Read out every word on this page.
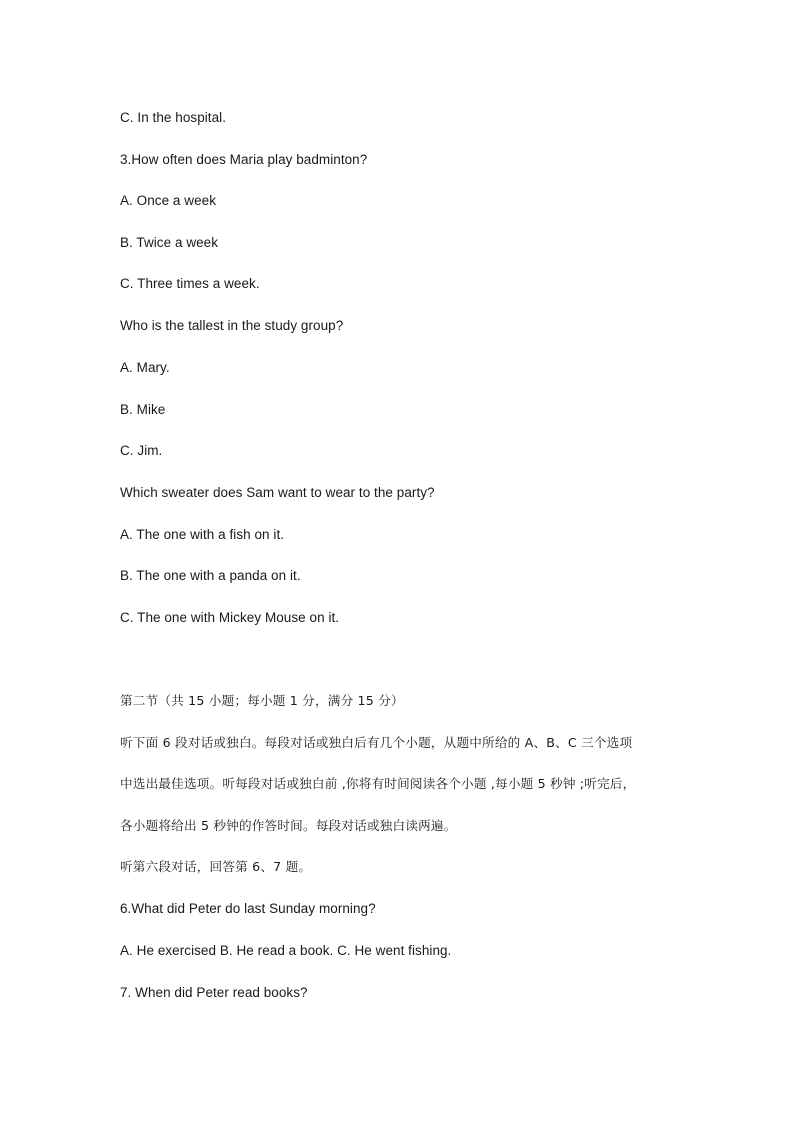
C. In the hospital.
3.How often does Maria play badminton?
A. Once a week
B. Twice a week
C. Three times a week.
Who is the tallest in the study group?
A. Mary.
B. Mike
C. Jim.
Which sweater does Sam want to wear to the party?
A. The one with a fish on it.
B. The one with a panda on it.
C. The one with Mickey Mouse on it.
第二节（共 15 小题；每小题 1 分，满分 15 分）
听下面 6 段对话或独白。每段对话或独白后有几个小题，从题中所给的 A、B、C 三个选项
中选出最佳选项。听每段对话或独白前 ,你将有时间阅读各个小题 ,每小题 5 秒钟 ;听完后，
各小题将给出 5 秒钟的作答时间。每段对话或独白读两遍。
听第六段对话，回答第 6、7 题。
6.What did Peter do last Sunday morning?
A. He exercised B. He read a book. C. He went fishing.
7. When did Peter read books?
